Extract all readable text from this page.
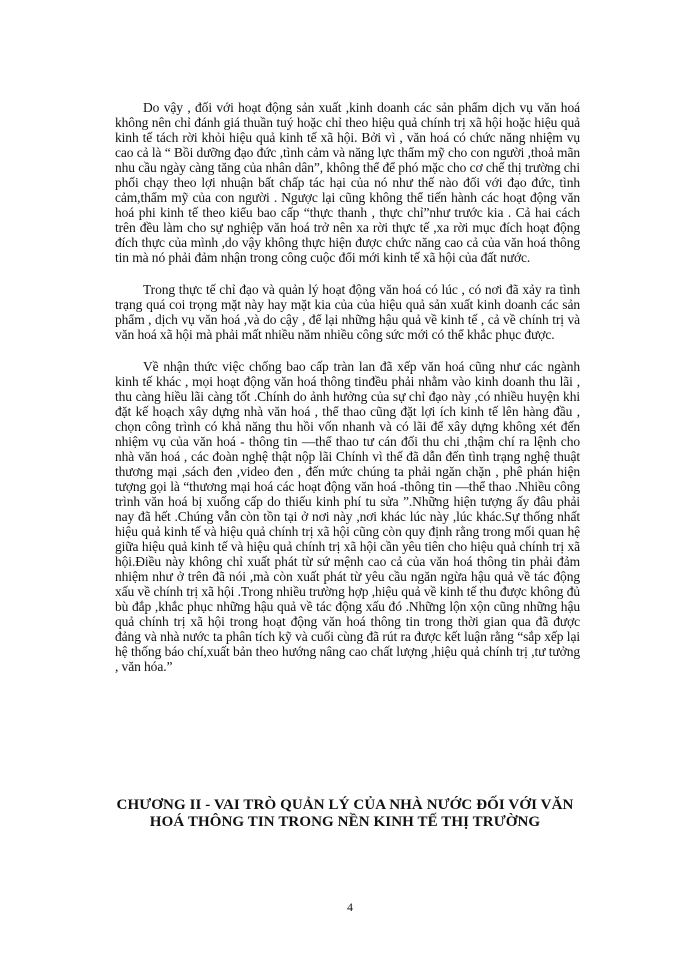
Do vậy , đối với hoạt động sản xuất ,kinh doanh các sản phẩm dịch vụ văn hoá không nên chỉ đánh giá thuần tuý hoặc chỉ theo hiệu quả chính trị xã hội hoặc hiệu quả kinh tế tách rời khỏi hiệu quả kinh tế xã hội. Bởi vì , văn hoá có chức năng nhiệm vụ cao cả là “ Bồi dưỡng đạo đức ,tình cảm và năng lực thẩm mỹ cho con người ,thoả mãn nhu cầu ngày càng tăng của nhân dân”, không thể để phó mặc cho cơ chế thị trường chi phối chạy theo lợi nhuận bất chấp tác hại của nó như thế nào đối với đạo đức, tình cảm,thẩm mỹ của con người . Ngược lại cũng không thể tiến hành các hoạt động văn hoá phi kinh tế theo kiểu bao cấp “thực thanh , thực chỉ”như trước kia . Cả hai cách trên đều làm cho sự nghiệp văn hoá trở nên xa rời thực tế ,xa rời mục đích hoạt động đích thực của mình ,do vậy không thực hiện được chức năng cao cả của văn hoá thông tin mà nó phải đảm nhận trong công cuộc đổi mới kinh tế xã hội của đất nước.

Trong thực tế chỉ đạo và quản lý hoạt động văn hoá có lúc , có nơi đã xảy ra tình trạng quá coi trọng mặt này hay mặt kia của của hiệu quả sản xuất kinh doanh các sản phẩm , dịch vụ văn hoá ,và do cậy , để lại những hậu quả về kinh tế , cả về chính trị và văn hoá xã hội mà phải mất nhiều năm nhiều công sức mới có thể khắc phục được.

Về nhận thức việc chống bao cấp tràn lan đã xếp văn hoá cũng như các ngành kinh tế khác , mọi hoạt động văn hoá thông tinđều phải nhằm vào kinh doanh thu lãi , thu càng hiều lãi càng tốt .Chính do ảnh hưởng của sự chỉ đạo này ,có nhiều huyện khi đặt kế hoạch xây dựng nhà văn hoá , thể thao cũng đặt lợi ích kinh tế lên hàng đầu , chọn công trình có khả năng thu hồi vốn nhanh và có lãi để xây dựng không xét đến nhiệm vụ của văn hoá - thông tin —thể thao tư cán đối thu chi ,thậm chí ra lệnh cho nhà văn hoá , các đoàn nghệ thật nộp lãi Chính vì thế đã dẫn đến tình trạng nghệ thuật thương mại ,sách đen ,video đen , đến mức chúng ta phải ngăn chặn , phê phán hiện tượng gọi là “thương mại hoá các hoạt động văn hoá -thông tin —thể thao .Nhiều công trình văn hoá bị xuống cấp do thiếu kinh phí tu sửa ”.Những hiện tượng ấy đâu phải nay đã hết .Chúng vẫn còn tồn tại ở nơi này ,nơi khác lúc này ,lúc khác.Sự thống nhất hiệu quả kinh tế và hiệu quả chính trị xã hội cũng còn quy định rằng trong mối quan hệ giữa hiệu quả kinh tế và hiệu quả chính trị xã hội cần yêu tiên cho hiệu quả chính trị xã hội.Điều này không chỉ xuất phát từ sứ mệnh cao cả của văn hoá thông tin phải đảm nhiệm như ở trên đã nói ,mà còn xuất phát từ yêu cầu ngăn ngừa hậu quả về tác động xấu về chính trị xã hội .Trong nhiều trường hợp ,hiệu quả về kinh tế thu được không đủ bù đắp ,khắc phục những hậu quả về tác động xấu đó .Những lộn xộn cũng những hậu quả chính trị xã hội trong hoạt động văn hoá thông tin trong thời gian qua đã được đảng và nhà nước ta phân tích kỹ và cuối cùng đã rút ra được kết luận rằng “sắp xếp lại hệ thống báo chí,xuất bản theo hướng nâng cao chất lượng ,hiệu quả chính trị ,tư tưởng , văn hóa.”

CHƯƠNG II - VAI TRÒ QUẢN LÝ CỦA NHÀ NƯỚC ĐỐI VỚI VĂN
HOÁ THÔNG TIN TRONG NỀN KINH TẾ THỊ TRƯỜNG
4
